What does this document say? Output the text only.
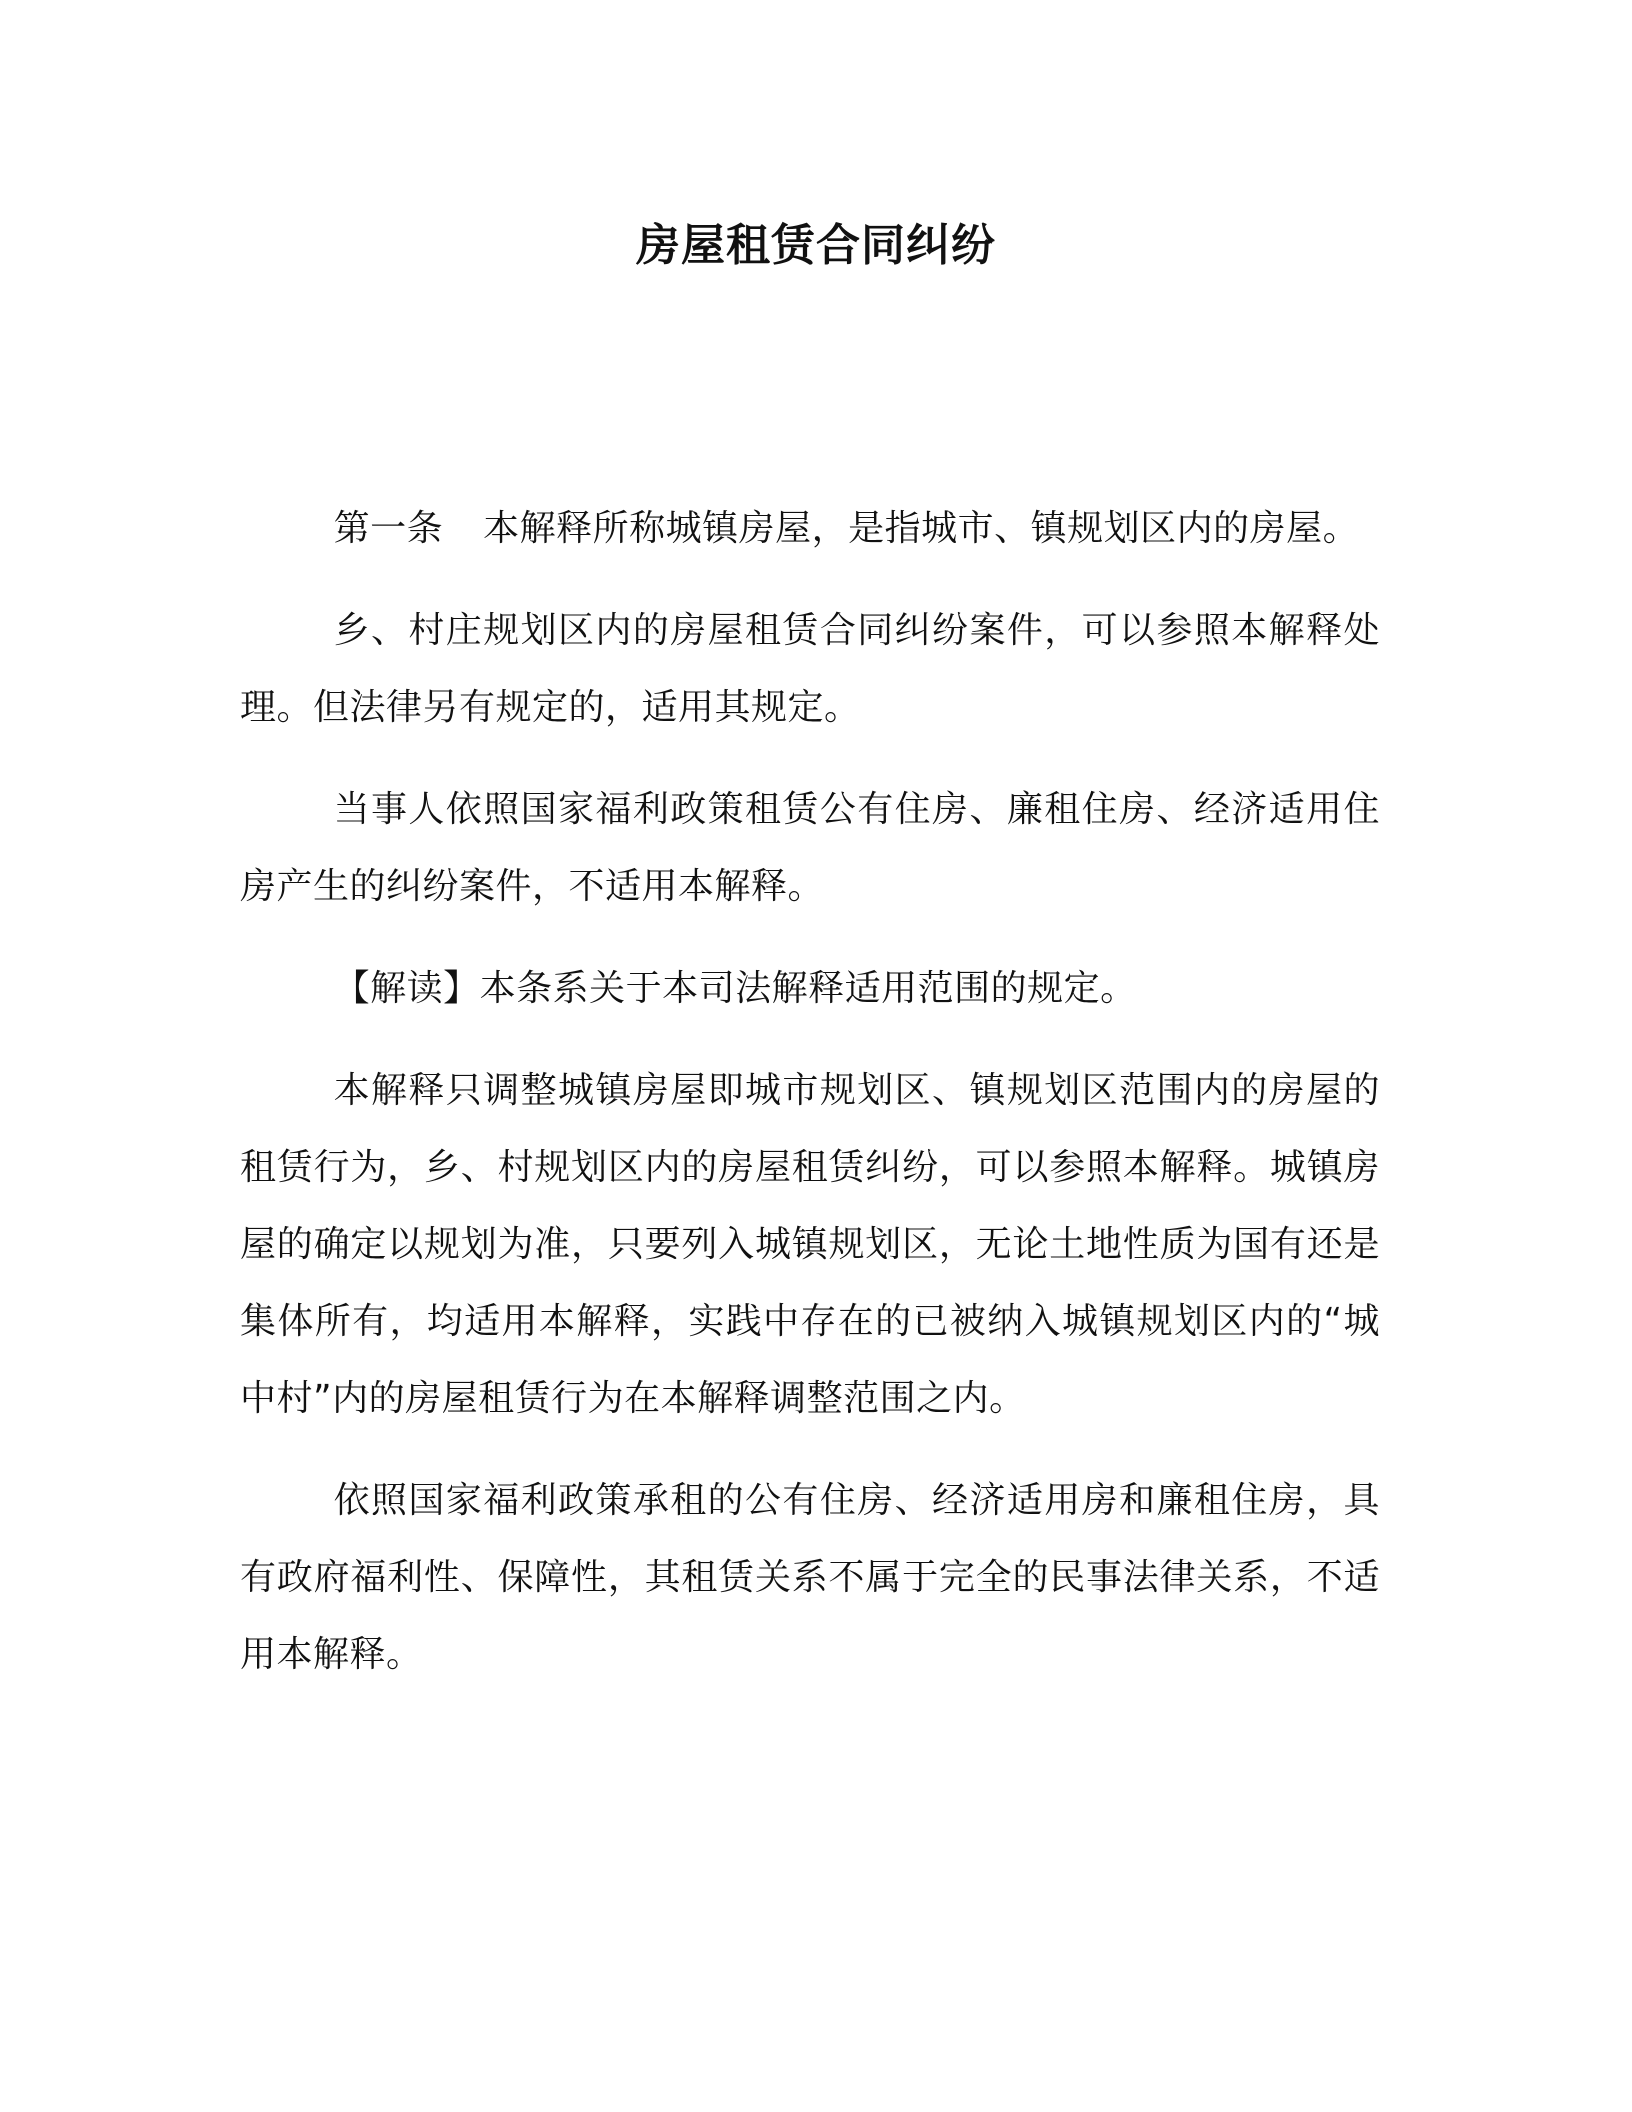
房屋租赁合同纠纷

第一条 本解释所称城镇房屋，是指城市、镇规划区内的房屋。

乡、村庄规划区内的房屋租赁合同纠纷案件，可以参照本解释处理。但法律另有规定的，适用其规定。

当事人依照国家福利政策租赁公有住房、廉租住房、经济适用住房产生的纠纷案件，不适用本解释。

【解读】本条系关于本司法解释适用范围的规定。

本解释只调整城镇房屋即城市规划区、镇规划区范围内的房屋的租赁行为，乡、村规划区内的房屋租赁纠纷，可以参照本解释。城镇房屋的确定以规划为准，只要列入城镇规划区，无论土地性质为国有还是集体所有，均适用本解释，实践中存在的已被纳入城镇规划区内的“城中村”内的房屋租赁行为在本解释调整范围之内。

依照国家福利政策承租的公有住房、经济适用房和廉租住房，具有政府福利性、保障性，其租赁关系不属于完全的民事法律关系，不适用本解释。
